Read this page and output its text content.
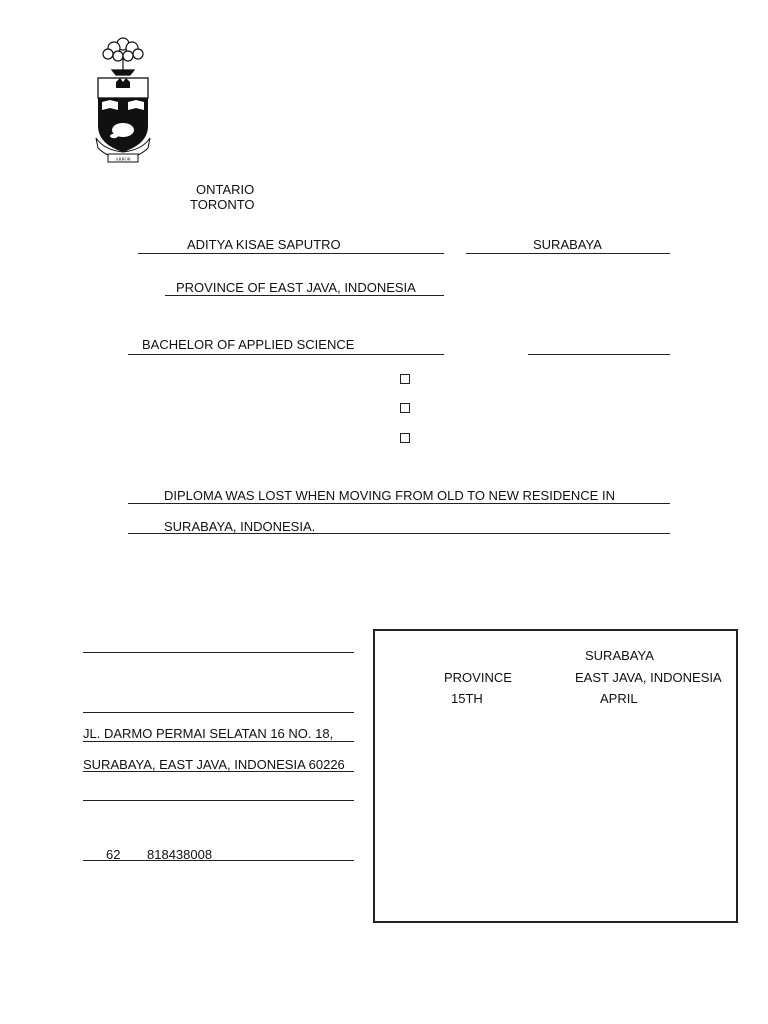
ARBOR
ONTARIO
TORONTO
ADITYA KISAE SAPUTRO	SURABAYA
PROVINCE OF EAST JAVA, INDONESIA
BACHELOR OF APPLIED SCIENCE
DIPLOMA WAS LOST WHEN MOVING FROM OLD TO NEW RESIDENCE IN
SURABAYA, INDONESIA.
JL. DARMO PERMAI SELATAN 16 NO. 18,
SURABAYA, EAST JAVA, INDONESIA 60226
62 818438008
SURABAYA
PROVINCE	EAST JAVA, INDONESIA
15TH	APRIL
